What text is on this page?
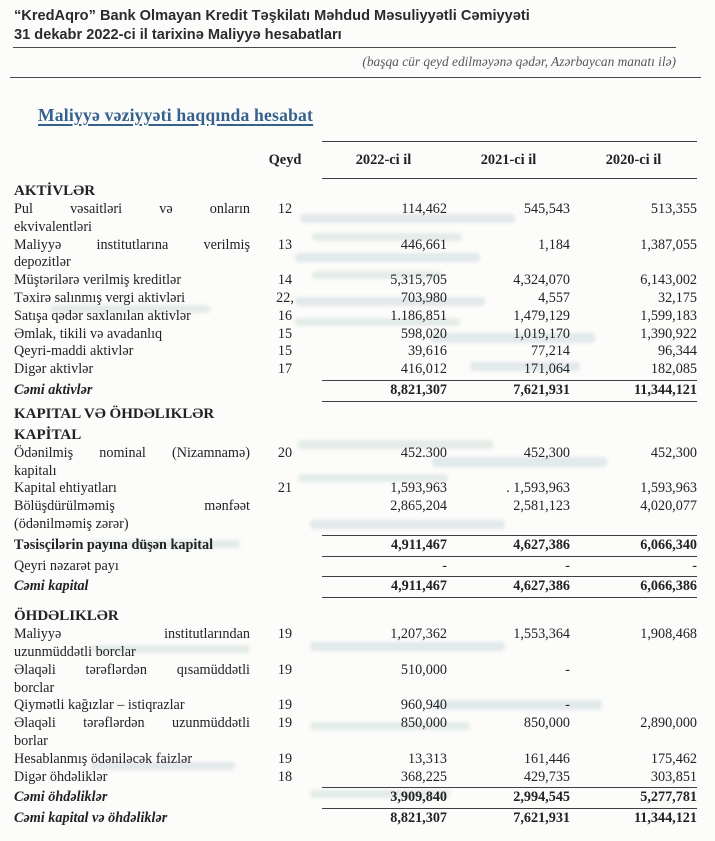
“KredAqro” Bank Olmayan Kredit Təşkilatı Məhdud Məsuliyyətli Cəmiyyəti
31 dekabr 2022-ci il tarixinə Maliyyə hesabatları
(başqa cür qeyd edilməyənə qədər, Azərbaycan manatı ilə)
Maliyyə vəziyyəti haqqında hesabat
Qeyd	2022-ci il	2021-ci il	2020-ci il
AKTİVLƏR
Pul vəsaitləri və onların
ekvivalentləri
12	114,462	545,543	513,355
Maliyyə institutlarına verilmiş
depozitlər
13	446,661	1,184	1,387,055
Müştərilərə verilmiş kreditlər	14	5,315,705	4,324,070	6,143,002
Təxirə salınmış vergi aktivləri	22,	703,980	4,557	32,175
Satışa qədər saxlanılan aktivlər	16	1.186,851	1,479,129	1,599,183
Əmlak, tikili və avadanlıq	15	598,020	1,019,170	1,390,922
Qeyri-maddi aktivlər	15	39,616	77,214	96,344
Digər aktivlər	17	416,012	171,064	182,085
Cəmi aktivlər	8,821,307	7,621,931	11,344,121
KAPITAL VƏ ÖHDƏLIKLƏR
KAPİTAL
Ödənilmiş nominal (Nizamnamə)
kapitalı
20	452.300	452,300	452,300
Kapital ehtiyatları	21	1,593,963	. 1,593,963	1,593,963
Bölüşdürülməmiş mənfəət
(ödənilməmiş zərər)
2,865,204	2,581,123	4,020,077
Təsisçilərin payına düşən kapital	4,911,467	4,627,386	6,066,340
Qeyri nəzarət payı	-	-	-
Cəmi kapital	4,911,467	4,627,386	6,066,386
ÖHDƏLIKLƏR
Maliyyə institutlarından
uzunmüddətli borclar
19	1,207,362	1,553,364	1,908,468
Əlaqəli tərəflərdən qısamüddətli
borclar
19	510,000	-
Qiymətli kağızlar – istiqrazlar	19	960,940	-
Əlaqəli tərəflərdən uzunmüddətli
borlar
19	850,000	850,000	2,890,000
Hesablanmış ödəniləcək faizlər	19	13,313	161,446	175,462
Digər öhdəliklər	18	368,225	429,735	303,851
Cəmi öhdəliklər	3,909,840	2,994,545	5,277,781
Cəmi kapital və öhdəliklər	8,821,307	7,621,931	11,344,121
